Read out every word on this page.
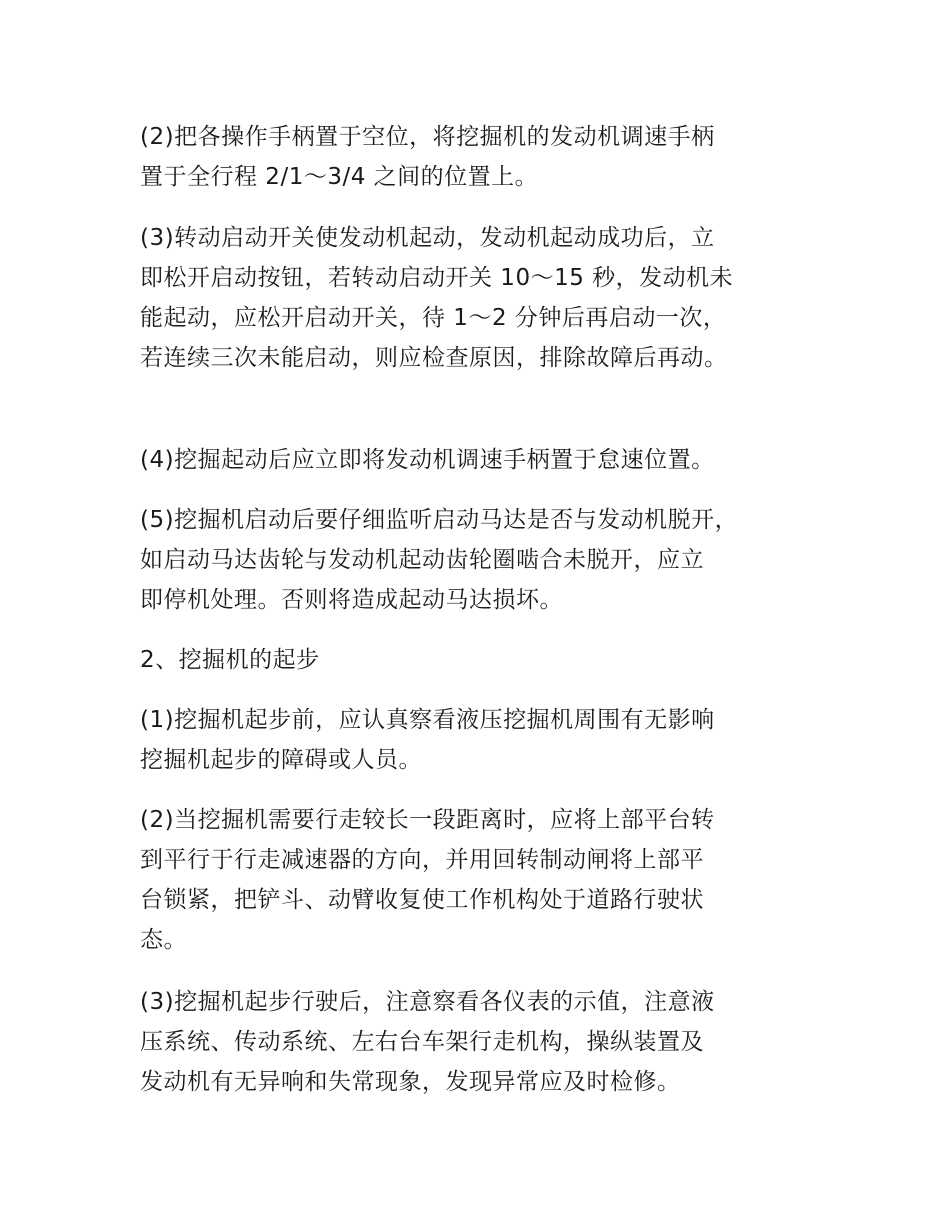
(2)把各操作手柄置于空位，将挖掘机的发动机调速手柄
置于全行程 2/1～3/4 之间的位置上。

(3)转动启动开关使发动机起动，发动机起动成功后，立
即松开启动按钮，若转动启动开关 10～15 秒，发动机未
能起动，应松开启动开关，待 1～2 分钟后再启动一次，
若连续三次未能启动，则应检查原因，排除故障后再动。

(4)挖掘起动后应立即将发动机调速手柄置于怠速位置。

(5)挖掘机启动后要仔细监听启动马达是否与发动机脱开，
如启动马达齿轮与发动机起动齿轮圈啮合未脱开，应立
即停机处理。否则将造成起动马达损坏。

2、挖掘机的起步

(1)挖掘机起步前，应认真察看液压挖掘机周围有无影响
挖掘机起步的障碍或人员。

(2)当挖掘机需要行走较长一段距离时，应将上部平台转
到平行于行走减速器的方向，并用回转制动闸将上部平
台锁紧，把铲斗、动臂收复使工作机构处于道路行驶状
态。

(3)挖掘机起步行驶后，注意察看各仪表的示值，注意液
压系统、传动系统、左右台车架行走机构，操纵装置及
发动机有无异响和失常现象，发现异常应及时检修。
